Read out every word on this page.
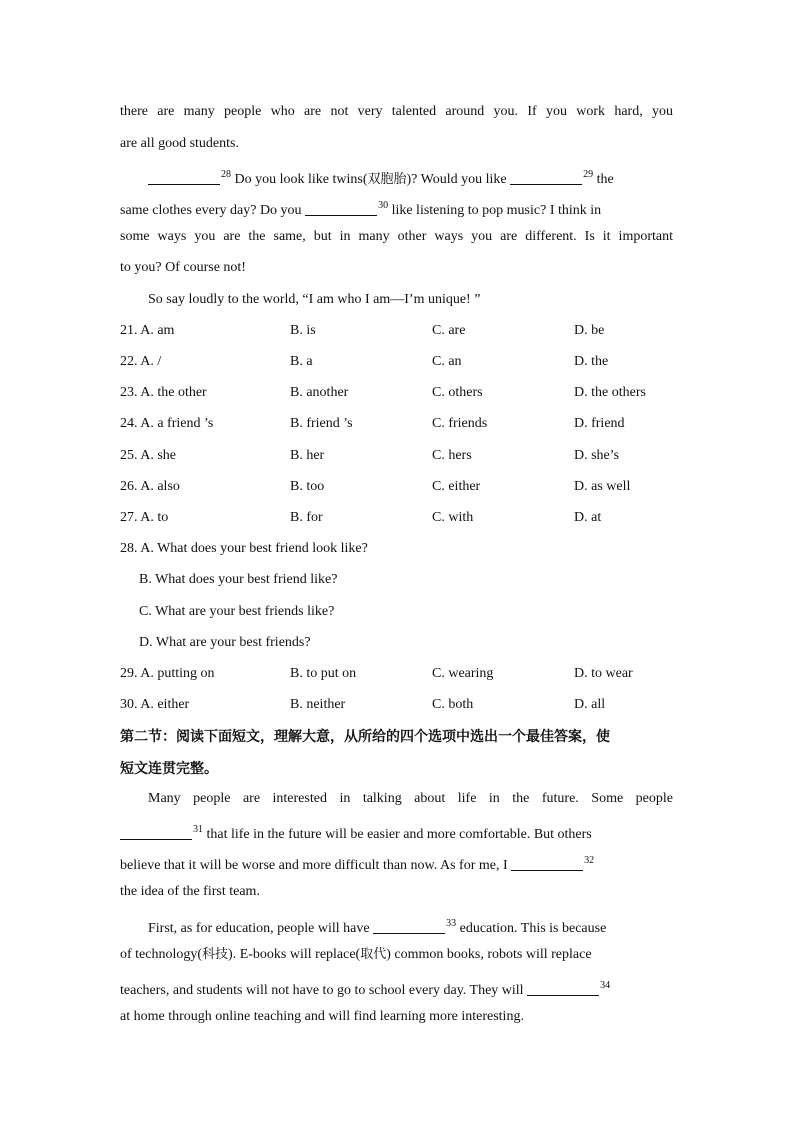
there are many people who are not very talented around you. If you work hard, you
are all good students.
$^{28}$ Do you look like twins(双胞胎)? Would you like	$^{29}$ the
same clothes every day? Do you	$^{30}$ like listening to pop music? I think in
some ways you are the same, but in many other ways you are different. Is it important
to you? Of course not!
So say loudly to the world, “I am who I am—I’m unique! ”
21. A. am	B. is	C. are	D. be
22. A. /	B. a	C. an	D. the
23. A. the other	B. another	C. others	D. the others
24. A. a friend ’s	B. friend ’s	C. friends	D. friend
25. A. she	B. her	C. hers	D. she’s
26. A. also	B. too	C. either	D. as well
27. A. to	B. for	C. with	D. at
28. A. What does your best friend look like?
B. What does your best friend like?
C. What are your best friends like?
D. What are your best friends?
29. A. putting on	B. to put on	C. wearing	D. to wear
30. A. either	B. neither	C. both	D. all
第二节：阅读下面短文，理解大意，从所给的四个选项中选出一个最佳答案，使
短文连贯完整。
Many people are interested in talking about life in the future. Some people
$^{31}$ that life in the future will be easier and more comfortable. But others
believe that it will be worse and more difficult than now. As for me, I	$^{32}$
the idea of the first team.
First, as for education, people will have	$^{33}$ education. This is because
of technology(科技). E-books will replace(取代) common books, robots will replace
teachers, and students will not have to go to school every day. They will	$^{34}$
at home through online teaching and will find learning more interesting.
